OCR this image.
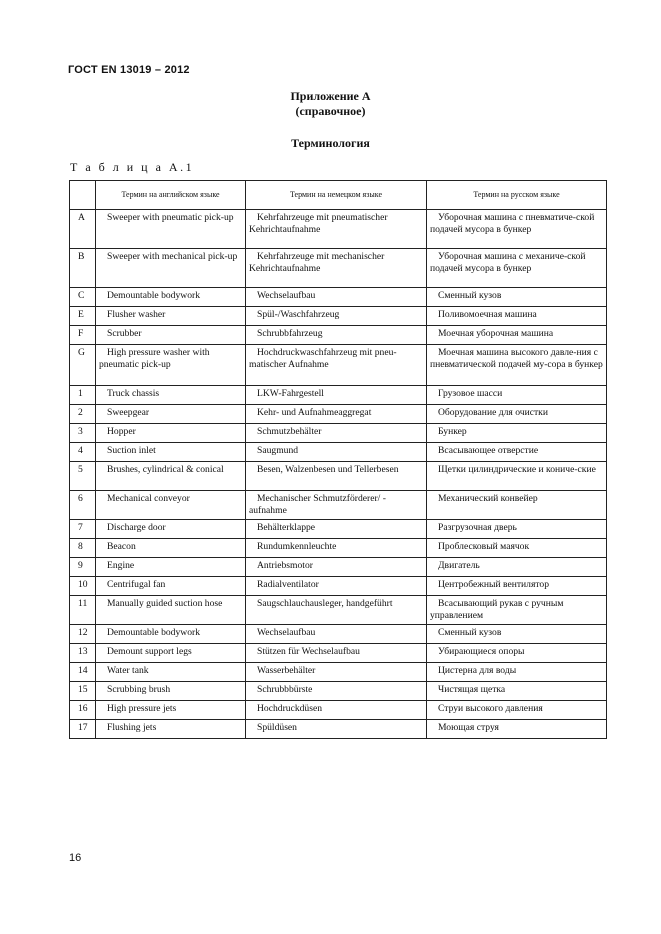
ГОСТ EN 13019 – 2012
Приложение А
(справочное)
Терминология
Т а б л и ц а А.1
	Термин на английском языке	Термин на немецком языке	Термин на русском языке
A	Sweeper with pneumatic pick-up	Kehrfahrzeuge mit pneumatischer Kehrichtaufnahme	Уборочная машина с пневматиче-ской подачей мусора в бункер
B	Sweeper with mechanical pick-up	Kehrfahrzeuge mit mechanischer Kehrichtaufnahme	Уборочная машина с механиче-ской подачей мусора в бункер
C	Demountable bodywork	Wechselaufbau	Сменный кузов
E	Flusher washer	Spül-/Waschfahrzeug	Поливомоечная машина
F	Scrubber	Schrubbfahrzeug	Моечная уборочная машина
G	High pressure washer with pneumatic pick-up	Hochdruckwaschfahrzeug mit pneu-matischer Aufnahme	Моечная машина высокого давле-ния с пневматической подачей му-сора в бункер
1	Truck chassis	LKW-Fahrgestell	Грузовое шасси
2	Sweepgear	Kehr- und Aufnahmeaggregat	Оборудование для очистки
3	Hopper	Schmutzbehälter	Бункер
4	Suction inlet	Saugmund	Всасывающее отверстие
5	Brushes, cylindrical & conical	Besen, Walzenbesen und Tellerbesen	Щетки цилиндрические и кониче-ские
6	Mechanical conveyor	Mechanischer Schmutzförderer/ - aufnahme	Механический конвейер
7	Discharge door	Behälterklappe	Разгрузочная дверь
8	Beacon	Rundumkennleuchte	Проблесковый маячок
9	Engine	Antriebsmotor	Двигатель
10	Centrifugal fan	Radialventilator	Центробежный вентилятор
11	Manually guided suction hose	Saugschlauchausleger, handgeführt	Всасывающий рукав с ручным управлением
12	Demountable bodywork	Wechselaufbau	Сменный кузов
13	Demount support legs	Stützen für Wechselaufbau	Убирающиеся опоры
14	Water tank	Wasserbehälter	Цистерна для воды
15	Scrubbing brush	Schrubbbürste	Чистящая щетка
16	High pressure jets	Hochdruckdüsen	Струи высокого давления
17	Flushing jets	Spüldüsen	Моющая струя
16
